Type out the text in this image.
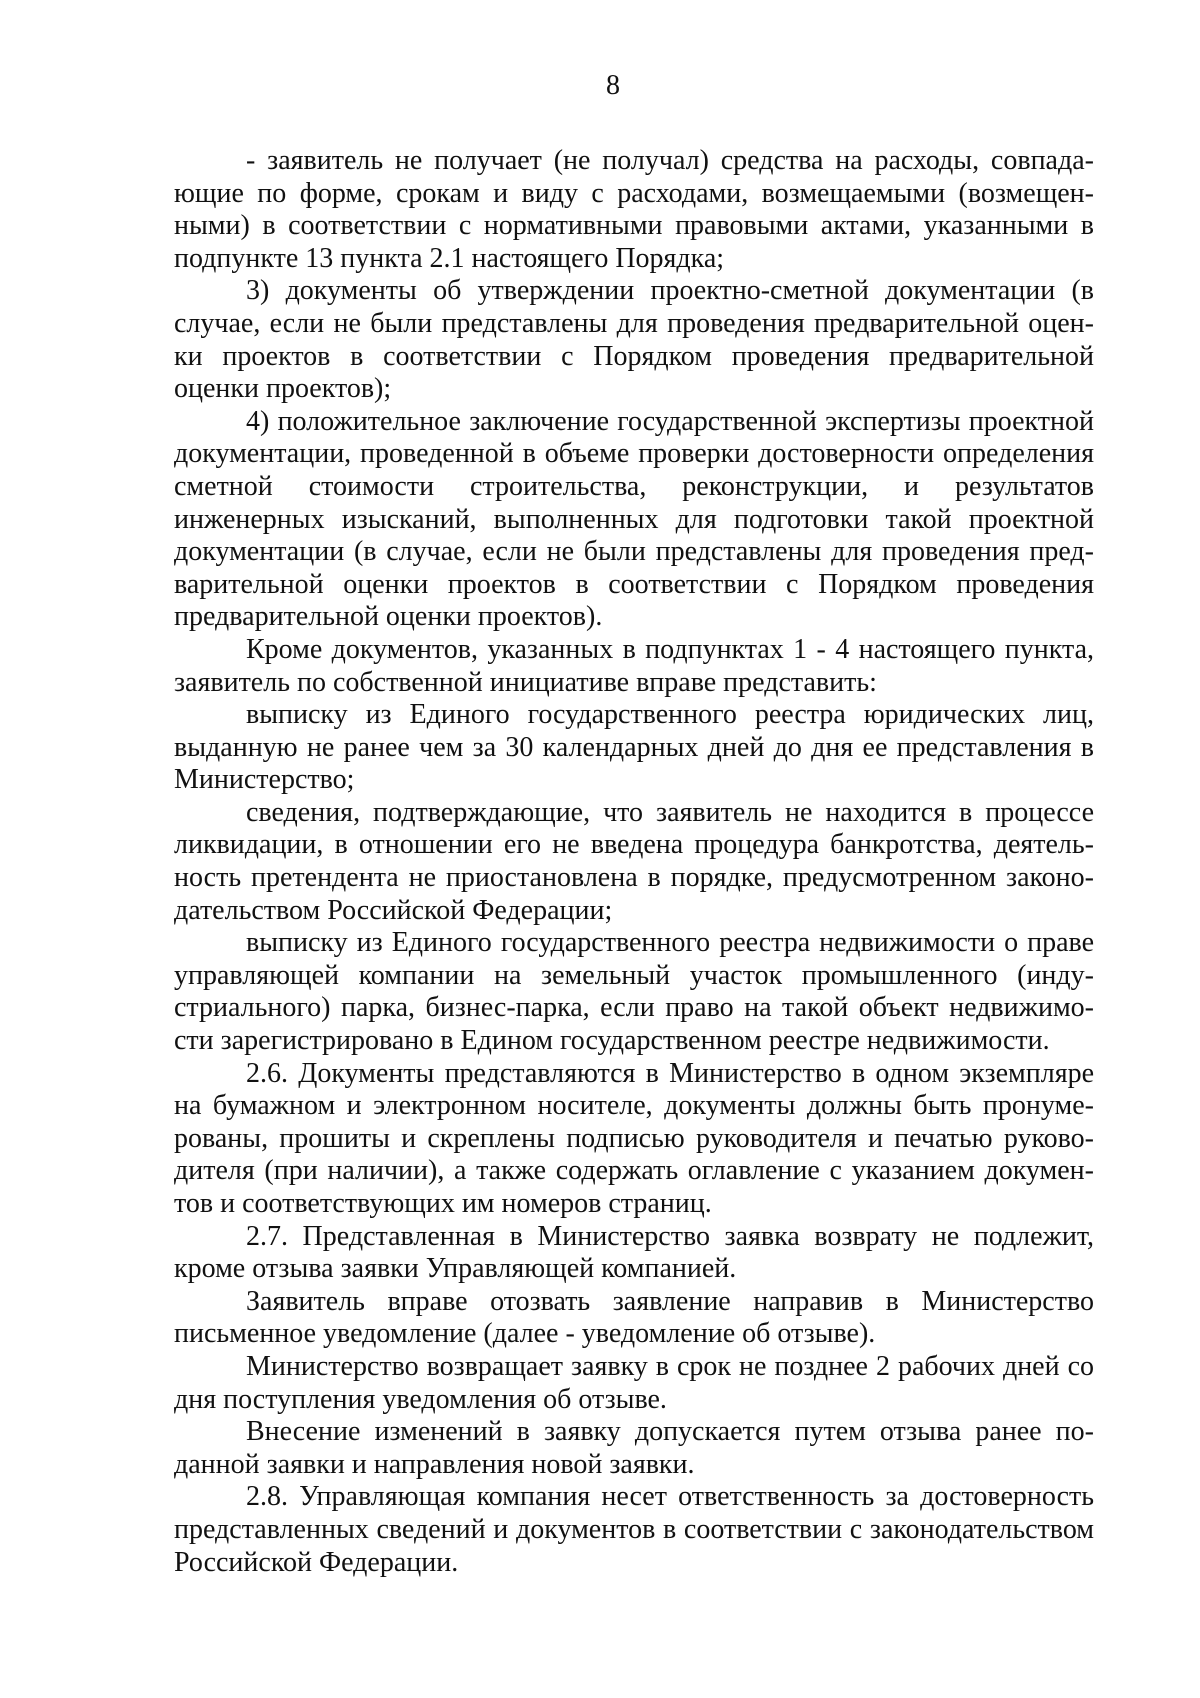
8

- заявитель не получает (не получал) средства на расходы, совпадающие по форме, срокам и виду с расходами, возмещаемыми (возмещенными) в соответствии с нормативными правовыми актами, указанными в подпункте 13 пункта 2.1 настоящего Порядка;

3) документы об утверждении проектно-сметной документации (в случае, если не были представлены для проведения предварительной оценки проектов в соответствии с Порядком проведения предварительной оценки проектов);

4) положительное заключение государственной экспертизы проектной документации, проведенной в объеме проверки достоверности определения сметной стоимости строительства, реконструкции, и результатов инженерных изысканий, выполненных для подготовки такой проектной документации (в случае, если не были представлены для проведения предварительной оценки проектов в соответствии с Порядком проведения предварительной оценки проектов).

Кроме документов, указанных в подпунктах 1 - 4 настоящего пункта, заявитель по собственной инициативе вправе представить:

выписку из Единого государственного реестра юридических лиц, выданную не ранее чем за 30 календарных дней до дня ее представления в Министерство;

сведения, подтверждающие, что заявитель не находится в процессе ликвидации, в отношении его не введена процедура банкротства, деятельность претендента не приостановлена в порядке, предусмотренном законодательством Российской Федерации;

выписку из Единого государственного реестра недвижимости о праве управляющей компании на земельный участок промышленного (индустриального) парка, бизнес-парка, если право на такой объект недвижимости зарегистрировано в Едином государственном реестре недвижимости.

2.6. Документы представляются в Министерство в одном экземпляре на бумажном и электронном носителе, документы должны быть пронумерованы, прошиты и скреплены подписью руководителя и печатью руководителя (при наличии), а также содержать оглавление с указанием документов и соответствующих им номеров страниц.

2.7. Представленная в Министерство заявка возврату не подлежит, кроме отзыва заявки Управляющей компанией.

Заявитель вправе отозвать заявление направив в Министерство письменное уведомление (далее - уведомление об отзыве).

Министерство возвращает заявку в срок не позднее 2 рабочих дней со дня поступления уведомления об отзыве.

Внесение изменений в заявку допускается путем отзыва ранее поданной заявки и направления новой заявки.

2.8. Управляющая компания несет ответственность за достоверность представленных сведений и документов в соответствии с законодательством Российской Федерации.
